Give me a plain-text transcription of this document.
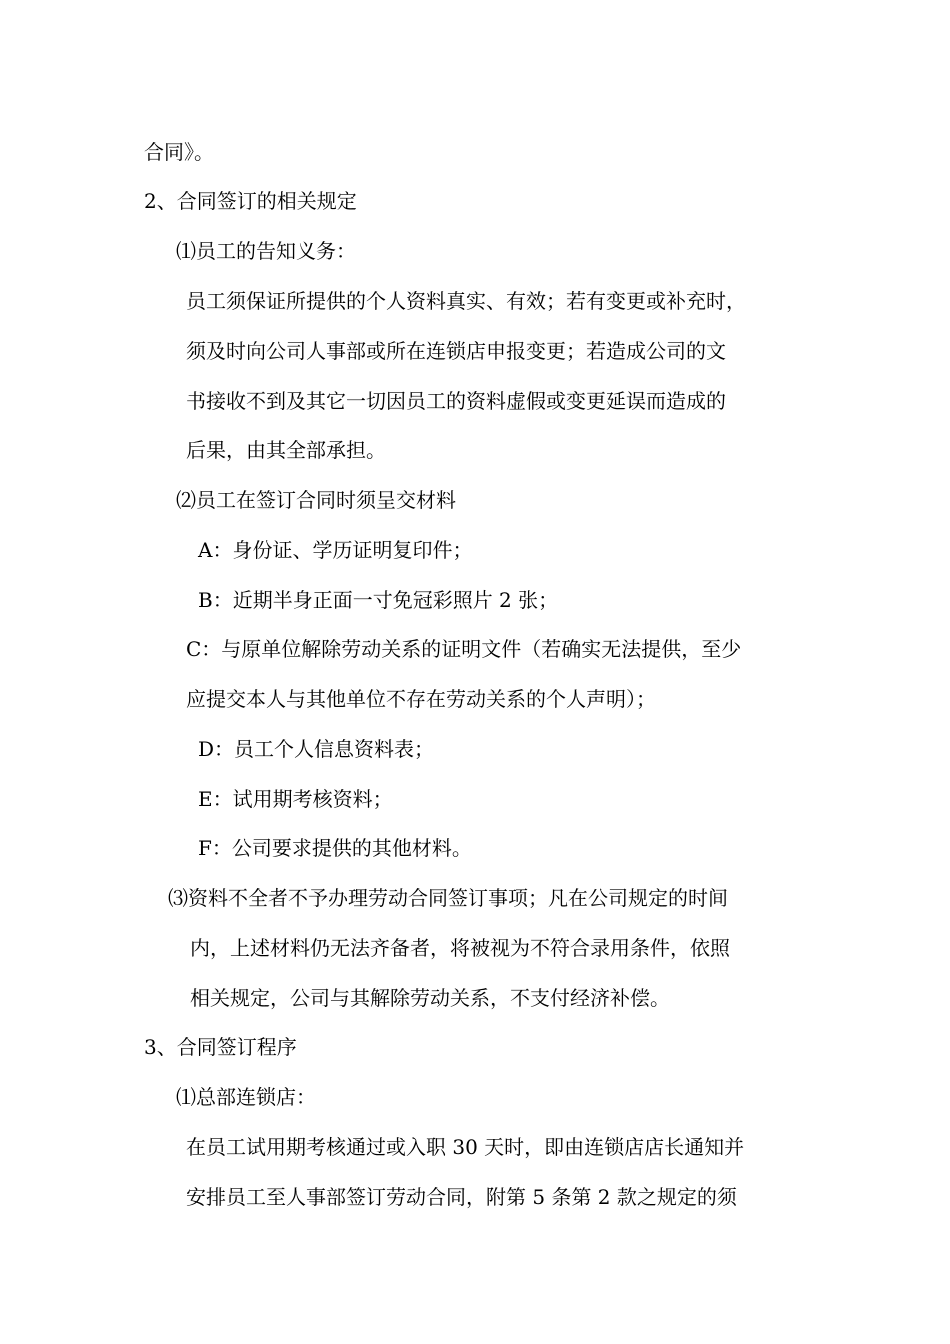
合同》。
2、合同签订的相关规定
⑴员工的告知义务：
员工须保证所提供的个人资料真实、有效；若有变更或补充时，
须及时向公司人事部或所在连锁店申报变更；若造成公司的文
书接收不到及其它一切因员工的资料虚假或变更延误而造成的
后果，由其全部承担。
⑵员工在签订合同时须呈交材料
A：身份证、学历证明复印件；
B：近期半身正面一寸免冠彩照片 2 张；
C：与原单位解除劳动关系的证明文件（若确实无法提供，至少
应提交本人与其他单位不存在劳动关系的个人声明）；
D：员工个人信息资料表；
E：试用期考核资料；
F：公司要求提供的其他材料。
⑶资料不全者不予办理劳动合同签订事项；凡在公司规定的时间
内，上述材料仍无法齐备者，将被视为不符合录用条件，依照
相关规定，公司与其解除劳动关系，不支付经济补偿。
3、合同签订程序
⑴总部连锁店：
在员工试用期考核通过或入职 30 天时，即由连锁店店长通知并
安排员工至人事部签订劳动合同，附第 5 条第 2 款之规定的须
